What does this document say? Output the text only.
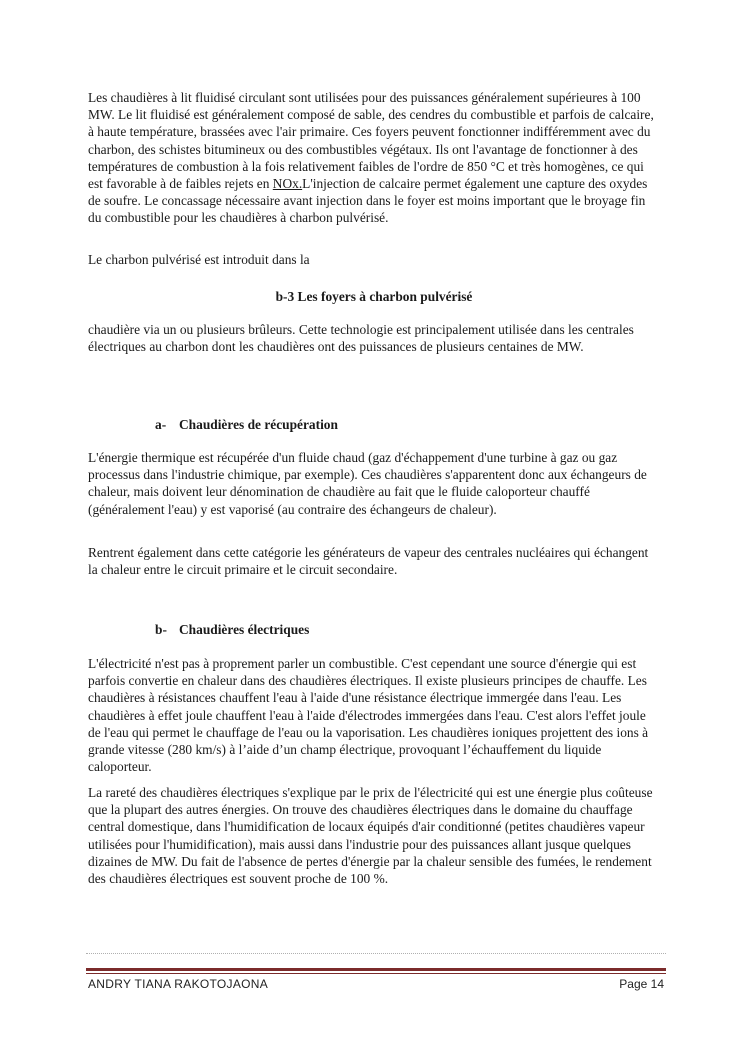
Les chaudières à lit fluidisé circulant sont utilisées pour des puissances généralement supérieures à 100 MW. Le lit fluidisé est généralement composé de sable, des cendres du combustible et parfois de calcaire, à haute température, brassées avec l'air primaire. Ces foyers peuvent fonctionner indifféremment avec du charbon, des schistes bitumineux ou des combustibles végétaux. Ils ont l'avantage de fonctionner à des températures de combustion à la fois relativement faibles de l'ordre de 850 °C et très homogènes, ce qui est favorable à de faibles rejets en NOx.L'injection de calcaire permet également une capture des oxydes de soufre. Le concassage nécessaire avant injection dans le foyer est moins important que le broyage fin du combustible pour les chaudières à charbon pulvérisé.

Le charbon pulvérisé est introduit dans la

b-3 Les foyers à charbon pulvérisé

chaudière via un ou plusieurs brûleurs. Cette technologie est principalement utilisée dans les centrales électriques au charbon dont les chaudières ont des puissances de plusieurs centaines de MW.

a- Chaudières de récupération

L'énergie thermique est récupérée d'un fluide chaud (gaz d'échappement d'une turbine à gaz ou gaz processus dans l'industrie chimique, par exemple). Ces chaudières s'apparentent donc aux échangeurs de chaleur, mais doivent leur dénomination de chaudière au fait que le fluide caloporteur chauffé (généralement l'eau) y est vaporisé (au contraire des échangeurs de chaleur).

Rentrent également dans cette catégorie les générateurs de vapeur des centrales nucléaires qui échangent la chaleur entre le circuit primaire et le circuit secondaire.

b- Chaudières électriques

L'électricité n'est pas à proprement parler un combustible. C'est cependant une source d'énergie qui est parfois convertie en chaleur dans des chaudières électriques. Il existe plusieurs principes de chauffe. Les chaudières à résistances chauffent l'eau à l'aide d'une résistance électrique immergée dans l'eau. Les chaudières à effet joule chauffent l'eau à l'aide d'électrodes immergées dans l'eau. C'est alors l'effet joule de l'eau qui permet le chauffage de l'eau ou la vaporisation. Les chaudières ioniques projettent des ions à grande vitesse (280 km/s) à l’aide d’un champ électrique, provoquant l’échauffement du liquide caloporteur.

La rareté des chaudières électriques s'explique par le prix de l'électricité qui est une énergie plus coûteuse que la plupart des autres énergies. On trouve des chaudières électriques dans le domaine du chauffage central domestique, dans l'humidification de locaux équipés d'air conditionné (petites chaudières vapeur utilisées pour l'humidification), mais aussi dans l'industrie pour des puissances allant jusque quelques dizaines de MW. Du fait de l'absence de pertes d'énergie par la chaleur sensible des fumées, le rendement des chaudières électriques est souvent proche de 100 %.

ANDRY TIANA RAKOTOJAONA	Page 14
